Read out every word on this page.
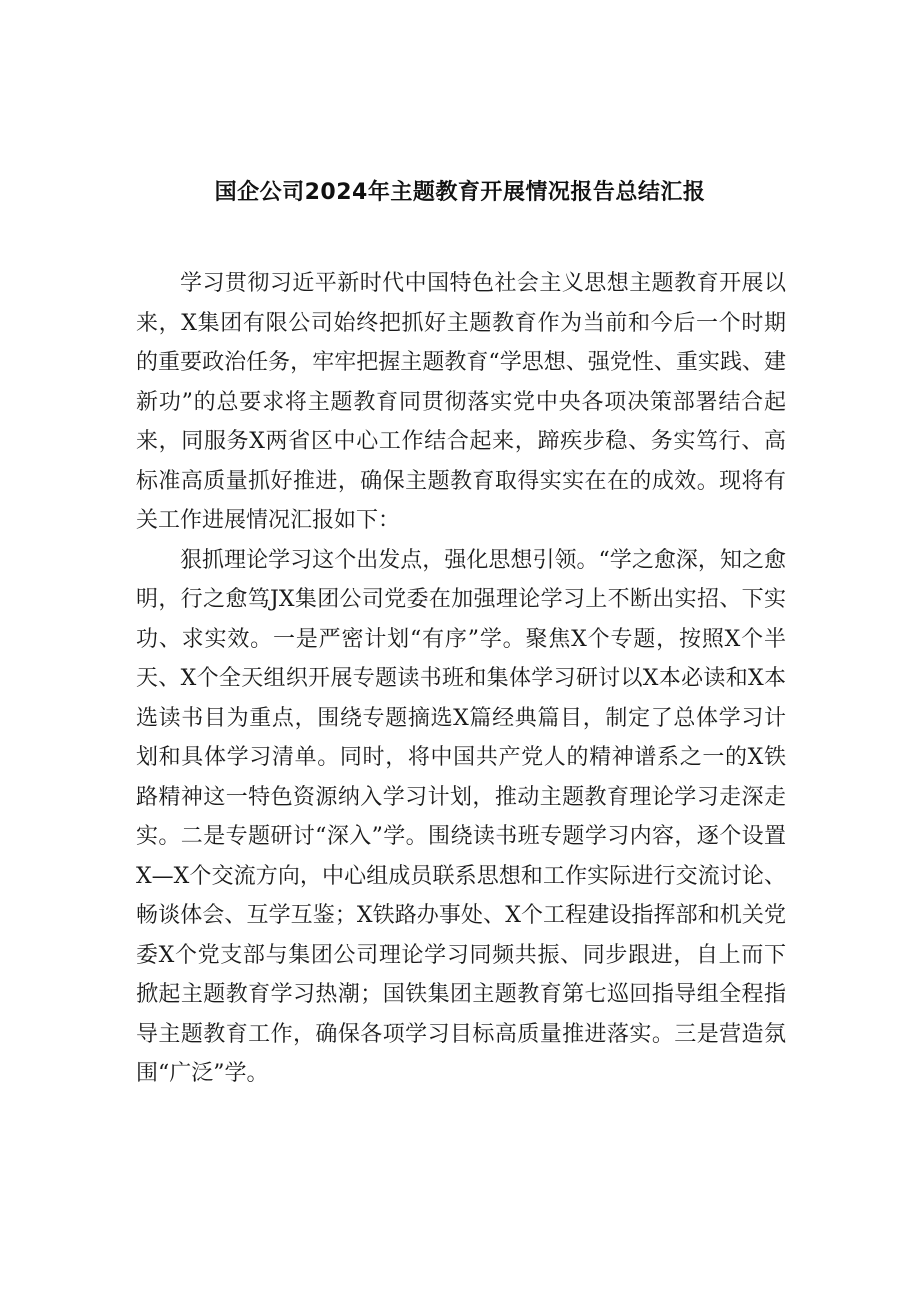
国企公司2024年主题教育开展情况报告总结汇报

学习贯彻习近平新时代中国特色社会主义思想主题教育开展以来，X集团有限公司始终把抓好主题教育作为当前和今后一个时期的重要政治任务，牢牢把握主题教育“学思想、强党性、重实践、建新功”的总要求将主题教育同贯彻落实党中央各项决策部署结合起来，同服务X两省区中心工作结合起来，蹄疾步稳、务实笃行、高标准高质量抓好推进，确保主题教育取得实实在在的成效。现将有关工作进展情况汇报如下：

狠抓理论学习这个出发点，强化思想引领。“学之愈深，知之愈明，行之愈笃JX集团公司党委在加强理论学习上不断出实招、下实功、求实效。一是严密计划“有序”学。聚焦X个专题，按照X个半天、X个全天组织开展专题读书班和集体学习研讨以X本必读和X本选读书目为重点，围绕专题摘选X篇经典篇目，制定了总体学习计划和具体学习清单。同时，将中国共产党人的精神谱系之一的X铁路精神这一特色资源纳入学习计划，推动主题教育理论学习走深走实。二是专题研讨“深入”学。围绕读书班专题学习内容，逐个设置X—X个交流方向，中心组成员联系思想和工作实际进行交流讨论、畅谈体会、互学互鉴；X铁路办事处、X个工程建设指挥部和机关党委X个党支部与集团公司理论学习同频共振、同步跟进，自上而下掀起主题教育学习热潮；国铁集团主题教育第七巡回指导组全程指导主题教育工作，确保各项学习目标高质量推进落实。三是营造氛围“广泛”学。
